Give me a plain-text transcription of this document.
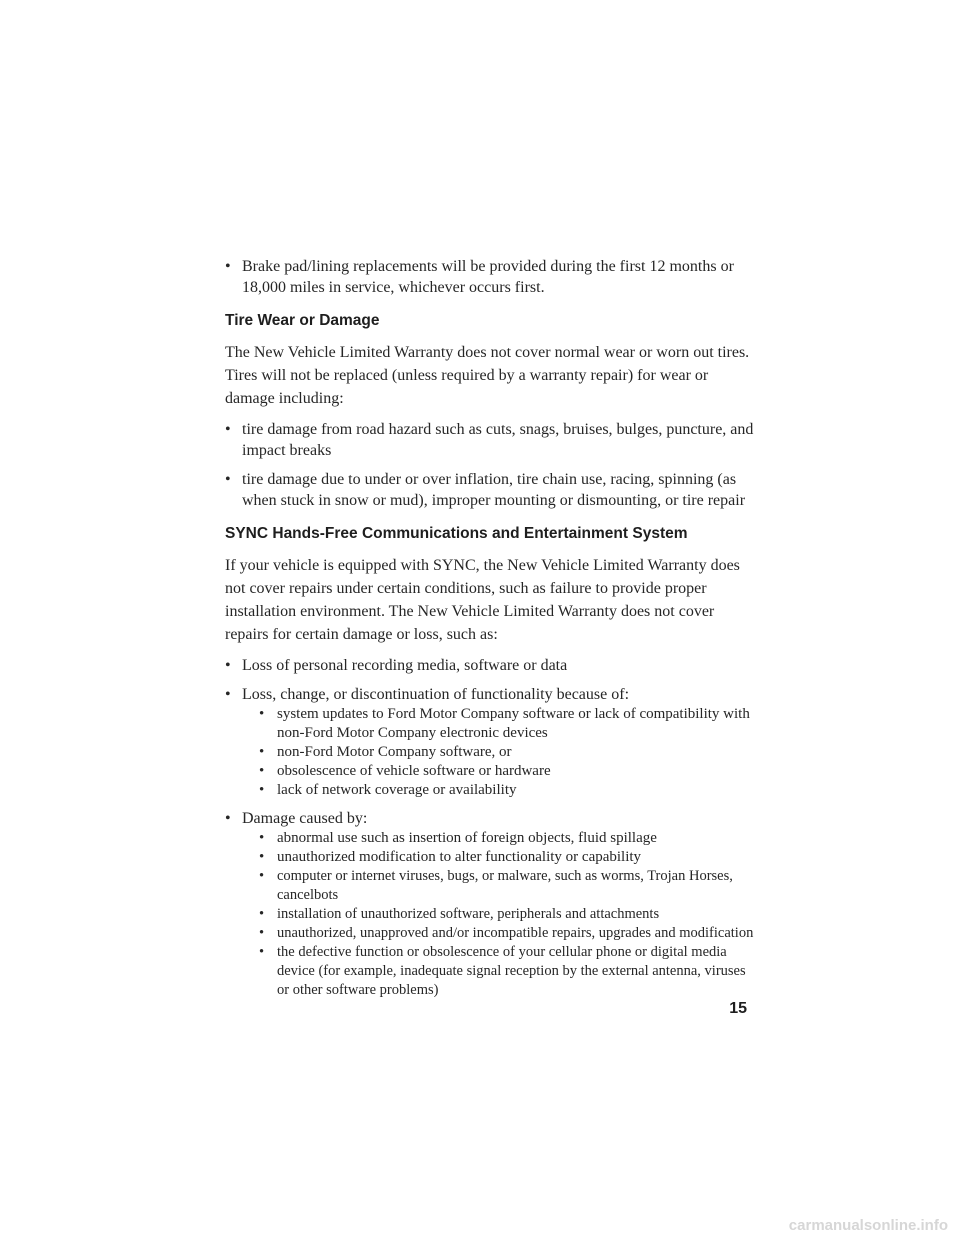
• Brake pad/lining replacements will be provided during the first 12 months or 18,000 miles in service, whichever occurs first.
Tire Wear or Damage

The New Vehicle Limited Warranty does not cover normal wear or worn out tires. Tires will not be replaced (unless required by a warranty repair) for wear or damage including:

• tire damage from road hazard such as cuts, snags, bruises, bulges, puncture, and impact breaks
• tire damage due to under or over inflation, tire chain use, racing, spinning (as when stuck in snow or mud), improper mounting or dismounting, or tire repair
SYNC Hands-Free Communications and Entertainment System

If your vehicle is equipped with SYNC, the New Vehicle Limited Warranty does not cover repairs under certain conditions, such as failure to provide proper installation environment. The New Vehicle Limited Warranty does not cover repairs for certain damage or loss, such as:

• Loss of personal recording media, software or data
• Loss, change, or discontinuation of functionality because of:
• system updates to Ford Motor Company software or lack of compatibility with non-Ford Motor Company electronic devices
• non-Ford Motor Company software, or
• obsolescence of vehicle software or hardware
• lack of network coverage or availability
• Damage caused by:
• abnormal use such as insertion of foreign objects, fluid spillage
• unauthorized modification to alter functionality or capability
• computer or internet viruses, bugs, or malware, such as worms, Trojan Horses, cancelbots
• installation of unauthorized software, peripherals and attachments
• unauthorized, unapproved and/or incompatible repairs, upgrades and modification
• the defective function or obsolescence of your cellular phone or digital media device (for example, inadequate signal reception by the external antenna, viruses or other software problems)
15
carmanualsonline.info
